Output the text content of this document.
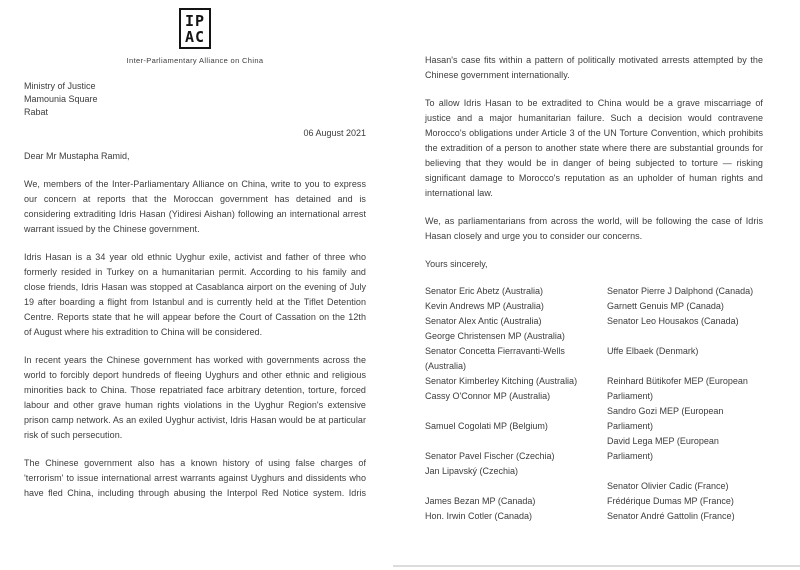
IP
AC
Inter-Parliamentary Alliance on China
Ministry of Justice
Mamounia Square
Rabat
06 August 2021
Dear Mr Mustapha Ramid,
We, members of the Inter-Parliamentary Alliance on China, write to you to express our concern at reports that the Moroccan government has detained and is considering extraditing Idris Hasan (Yidiresi Aishan) following an international arrest warrant issued by the Chinese government.
Idris Hasan is a 34 year old ethnic Uyghur exile, activist and father of three who formerly resided in Turkey on a humanitarian permit. According to his family and close friends, Idris Hasan was stopped at Casablanca airport on the evening of July 19 after boarding a flight from Istanbul and is currently held at the Tiflet Detention Centre. Reports state that he will appear before the Court of Cassation on the 12th of August where his extradition to China will be considered.
In recent years the Chinese government has worked with governments across the world to forcibly deport hundreds of fleeing Uyghurs and other ethnic and religious minorities back to China. Those repatriated face arbitrary detention, torture, forced labour and other grave human rights violations in the Uyghur Region's extensive prison camp network. As an exiled Uyghur activist, Idris Hasan would be at particular risk of such persecution.
The Chinese government also has a known history of using false charges of 'terrorism' to issue international arrest warrants against Uyghurs and dissidents who have fled China, including through abusing the Interpol Red Notice system. Idris
Hasan's case fits within a pattern of politically motivated arrests attempted by the Chinese government internationally.
To allow Idris Hasan to be extradited to China would be a grave miscarriage of justice and a major humanitarian failure. Such a decision would contravene Morocco's obligations under Article 3 of the UN Torture Convention, which prohibits the extradition of a person to another state where there are substantial grounds for believing that they would be in danger of being subjected to torture — risking significant damage to Morocco's reputation as an upholder of human rights and international law.
We, as parliamentarians from across the world, will be following the case of Idris Hasan closely and urge you to consider our concerns.
Yours sincerely,
Senator Eric Abetz (Australia)
Kevin Andrews MP (Australia)
Senator Alex Antic (Australia)
George Christensen MP (Australia)
Senator Concetta Fierravanti-Wells
(Australia)
Senator Kimberley Kitching (Australia)
Cassy O'Connor MP (Australia)

Samuel Cogolati MP (Belgium)

Senator Pavel Fischer (Czechia)
Jan Lipavský (Czechia)

James Bezan MP (Canada)
Hon. Irwin Cotler (Canada)
Senator Pierre J Dalphond (Canada)
Garnett Genuis MP (Canada)
Senator Leo Housakos (Canada)

Uffe Elbaek (Denmark)

Reinhard Bütikofer MEP (European
Parliament)
Sandro Gozi MEP (European
Parliament)
David Lega MEP (European
Parliament)

Senator Olivier Cadic (France)
Frédérique Dumas MP (France)
Senator André Gattolin (France)
